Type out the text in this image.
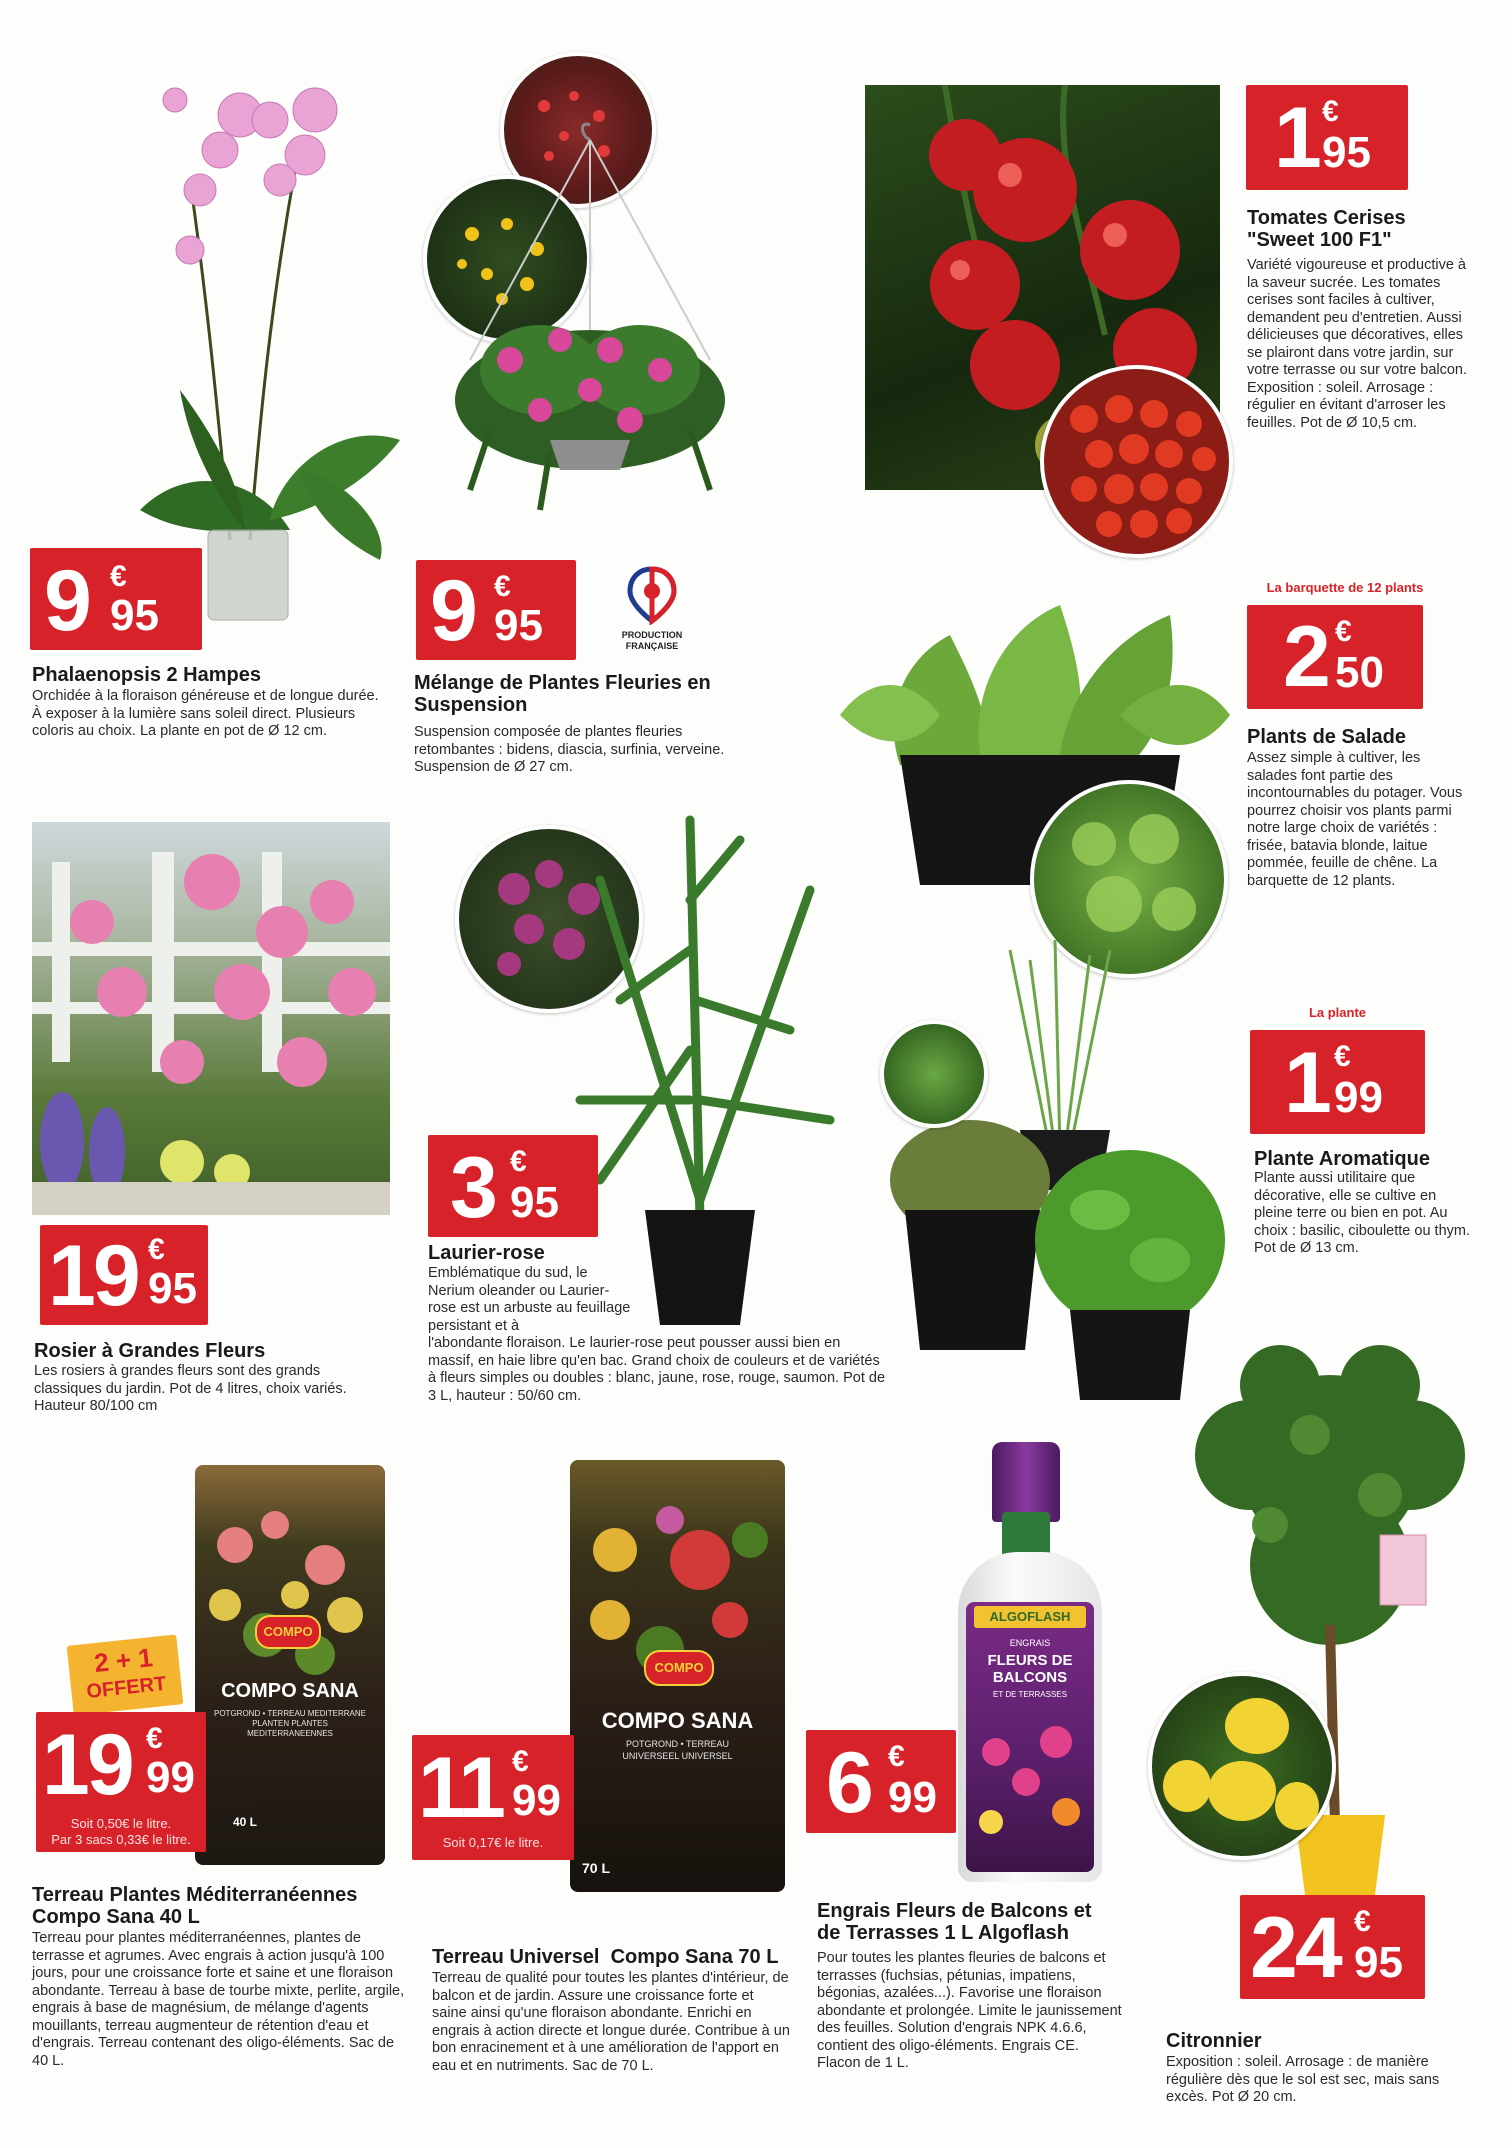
9 €
95
Phalaenopsis 2 Hampes
Orchidée à la floraison généreuse et de longue durée. À exposer à la lumière sans soleil direct. Plusieurs coloris au choix. La plante en pot de Ø 12 cm.
9 €
95	PRODUCTION FRANÇAISE
Mélange de Plantes Fleuries en Suspension
Suspension composée de plantes fleuries retombantes : bidens, diascia, surfinia, verveine. Suspension de Ø 27 cm.
1 €
95
Tomates Cerises "Sweet 100 F1"
Variété vigoureuse et productive à la saveur sucrée. Les tomates cerises sont faciles à cultiver, demandent peu d'entretien. Aussi délicieuses que décoratives, elles se plairont dans votre jardin, sur votre terrasse ou sur votre balcon. Exposition : soleil. Arrosage : régulier en évitant d'arroser les feuilles. Pot de Ø 10,5 cm.
La barquette de 12 plants
2 €
50
Plants de Salade
Assez simple à cultiver, les salades font partie des incontournables du potager. Vous pourrez choisir vos plants parmi notre large choix de variétés : frisée, batavia blonde, laitue pommée, feuille de chêne. La barquette de 12 plants.
19 €
95
Rosier à Grandes Fleurs
Les rosiers à grandes fleurs sont des grands classiques du jardin. Pot de 4 litres, choix variés. Hauteur 80/100 cm
3 €
95
Laurier-rose
Emblématique du sud, le Nerium oleander ou Laurier-rose est un arbuste au feuillage persistant et à
l'abondante floraison. Le laurier-rose peut pousser aussi bien en massif, en haie libre qu'en bac. Grand choix de couleurs et de variétés à fleurs simples ou doubles : blanc, jaune, rose, rouge, saumon. Pot de 3 L, hauteur : 50/60 cm.
La plante
1 €
99
Plante Aromatique
Plante aussi utilitaire que décorative, elle se cultive en pleine terre ou bien en pot. Au choix : basilic, ciboulette ou thym. Pot de Ø 13 cm.
COMPO
COMPO SANA
POTGROND • TERREAU MEDITERRANE PLANTEN PLANTES MEDITERRANEENNES
40 L
2 + 1
OFFERT
19 €
99
Soit 0,50€ le litre.
Par 3 sacs 0,33€ le litre.
Terreau Plantes Méditerranéennes Compo Sana 40 L
Terreau pour plantes méditerranéennes, plantes de terrasse et agrumes. Avec engrais à action jusqu'à 100 jours, pour une croissance forte et saine et une floraison abondante. Terreau à base de tourbe mixte, perlite, argile, engrais à base de magnésium, de mélange d'agents mouillants, terreau augmenteur de rétention d'eau et d'engrais. Terreau contenant des oligo-éléments. Sac de 40 L.
COMPO
COMPO SANA
POTGROND • TERREAU UNIVERSEEL UNIVERSEL
70 L
11 €
99
Soit 0,17€ le litre.
Terreau Universel  Compo Sana 70 L
Terreau de qualité pour toutes les plantes d'intérieur, de balcon et de jardin. Assure une croissance forte et saine ainsi qu'une floraison abondante. Enrichi en engrais à action directe et longue durée. Contribue à un bon enracinement et à une amélioration de l'apport en eau et en nutriments. Sac de 70 L.
ALGOFLASH
ENGRAIS
FLEURS DE BALCONS
ET DE TERRASSES
6 €
99
Engrais Fleurs de Balcons et de Terrasses 1 L Algoflash
Pour toutes les plantes fleuries de balcons et terrasses (fuchsias, pétunias, impatiens, bégonias, azalées...). Favorise une floraison abondante et prolongée. Limite le jaunissement des feuilles. Solution d'engrais NPK 4.6.6, contient des oligo-éléments. Engrais CE. Flacon de 1 L.
24 €
95
Citronnier
Exposition : soleil. Arrosage : de manière régulière dès que le sol est sec, mais sans excès. Pot Ø 20 cm.
